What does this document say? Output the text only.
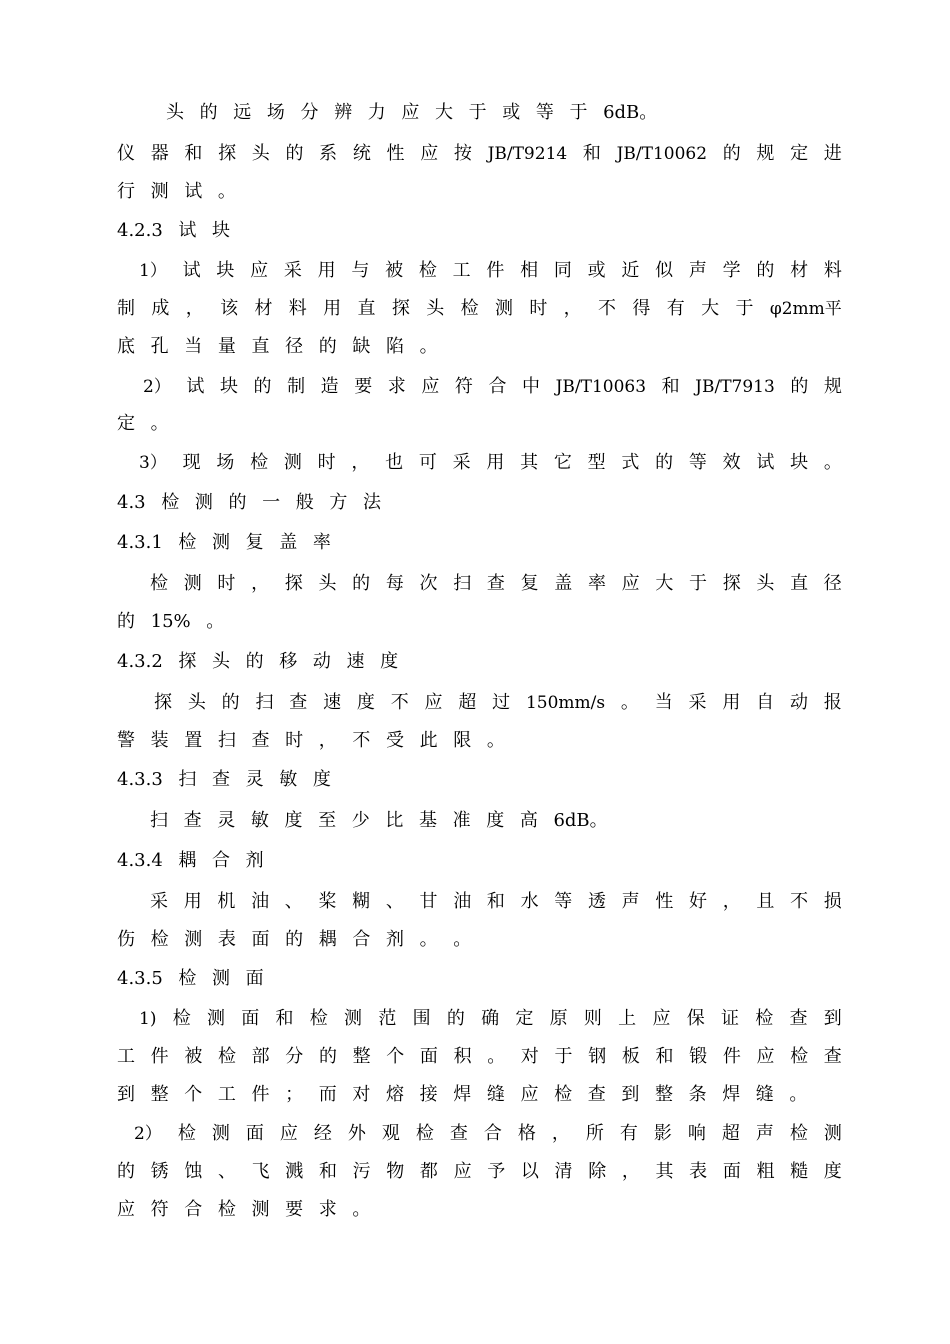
头 的 远 场 分 辨 力 应 大 于 或 等 于 6dB。
仪 器 和 探 头 的 系 统 性 应 按 JB/T9214 和 JB/T10062 的 规 定 进
行 测 试 。
4.2.3 试 块
1） 试 块 应 采 用 与 被 检 工 件 相 同 或 近 似 声 学 的 材 料
制 成 ， 该 材 料 用 直 探 头 检 测 时 ， 不 得 有 大 于 φ2mm平
底 孔 当 量 直 径 的 缺 陷 。
2） 试 块 的 制 造 要 求 应 符 合 中 JB/T10063 和 JB/T7913 的 规
定 。
3） 现 场 检 测 时 ， 也 可 采 用 其 它 型 式 的 等 效 试 块 。
4.3 检 测 的 一 般 方 法
4.3.1 检 测 复 盖 率
检 测 时 ， 探 头 的 每 次 扫 查 复 盖 率 应 大 于 探 头 直 径
的 15% 。
4.3.2 探 头 的 移 动 速 度
探 头 的 扫 查 速 度 不 应 超 过 150mm/s 。 当 采 用 自 动 报
警 装 置 扫 查 时 ， 不 受 此 限 。
4.3.3 扫 查 灵 敏 度
扫 查 灵 敏 度 至 少 比 基 准 度 高 6dB。
4.3.4 耦 合 剂
采 用 机 油 、 桨 糊 、 甘 油 和 水 等 透 声 性 好 ， 且 不 损
伤 检 测 表 面 的 耦 合 剂 。 。
4.3.5 检 测 面
1) 检 测 面 和 检 测 范 围 的 确 定 原 则 上 应 保 证 检 查 到
工 件 被 检 部 分 的 整 个 面 积 。 对 于 钢 板 和 锻 件 应 检 查
到 整 个 工 件 ； 而 对 熔 接 焊 缝 应 检 查 到 整 条 焊 缝 。
2） 检 测 面 应 经 外 观 检 查 合 格 ， 所 有 影 响 超 声 检 测
的 锈 蚀 、 飞 溅 和 污 物 都 应 予 以 清 除 ， 其 表 面 粗 糙 度
应 符 合 检 测 要 求 。
